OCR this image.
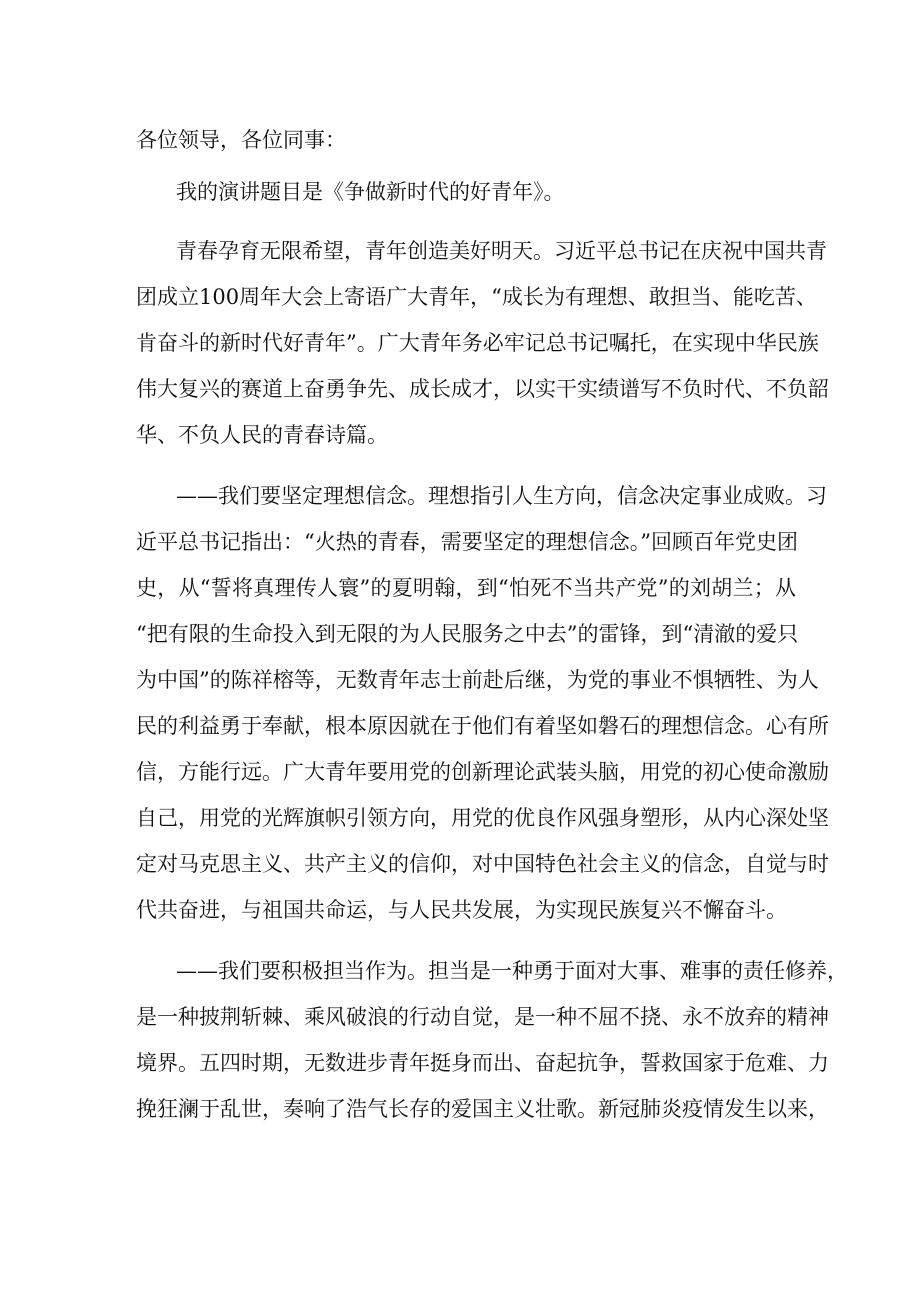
各位领导，各位同事：
我的演讲题目是《争做新时代的好青年》。
青春孕育无限希望，青年创造美好明天。习近平总书记在庆祝中国共青
团成立100周年大会上寄语广大青年，“成长为有理想、敢担当、能吃苦、
肯奋斗的新时代好青年”。广大青年务必牢记总书记嘱托，在实现中华民族
伟大复兴的赛道上奋勇争先、成长成才，以实干实绩谱写不负时代、不负韶
华、不负人民的青春诗篇。
——我们要坚定理想信念。理想指引人生方向，信念决定事业成败。习
近平总书记指出：“火热的青春，需要坚定的理想信念。”回顾百年党史团
史，从“誓将真理传人寰”的夏明翰，到“怕死不当共产党”的刘胡兰；从
“把有限的生命投入到无限的为人民服务之中去”的雷锋，到“清澈的爱只
为中国”的陈祥榕等，无数青年志士前赴后继，为党的事业不惧牺牲、为人
民的利益勇于奉献，根本原因就在于他们有着坚如磐石的理想信念。心有所
信，方能行远。广大青年要用党的创新理论武装头脑，用党的初心使命激励
自己，用党的光辉旗帜引领方向，用党的优良作风强身塑形，从内心深处坚
定对马克思主义、共产主义的信仰，对中国特色社会主义的信念，自觉与时
代共奋进，与祖国共命运，与人民共发展，为实现民族复兴不懈奋斗。
——我们要积极担当作为。担当是一种勇于面对大事、难事的责任修养，
是一种披荆斩棘、乘风破浪的行动自觉，是一种不屈不挠、永不放弃的精神
境界。五四时期，无数进步青年挺身而出、奋起抗争，誓救国家于危难、力
挽狂澜于乱世，奏响了浩气长存的爱国主义壮歌。新冠肺炎疫情发生以来，
